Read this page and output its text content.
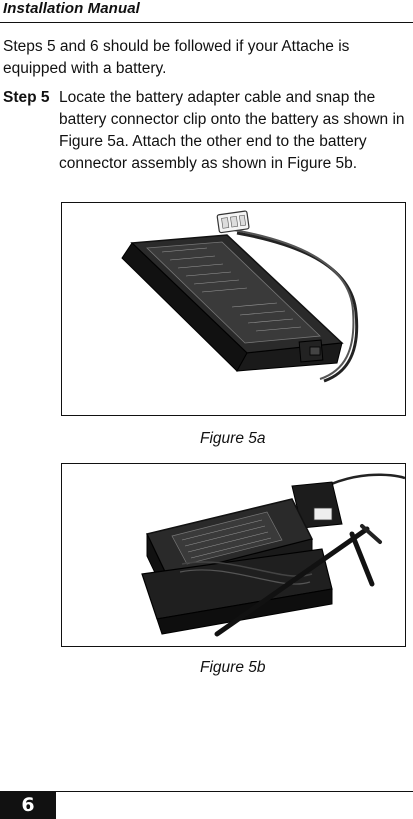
Installation Manual
Steps 5 and 6 should be followed if your Attache is equipped with a battery.
Step 5 Locate the battery adapter cable and snap the battery connector clip onto the battery as shown in Figure 5a. Attach the other end to the battery connector assembly as shown in Figure 5b.
Figure 5a
Figure 5b
6
